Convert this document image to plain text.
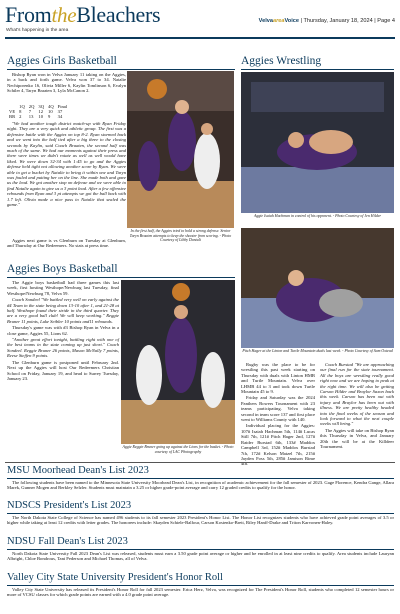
FromtheBleachers
What's happening in the area
VelvaareaVoice | Thursday, January 18, 2024 | Page 4
Aggies Girls Basketball

Bishop Ryan won in Velva January 11 taking on the Aggies, in a back and forth game. Velva won 37 to 34. Natalie Nechiporenko 16, Olivia Miller 6, Kaylin Tomlinson 6, Evalyn Schiler 4, Taryn Braaten 3, Lyla McCanon 2.

	1Q	2Q	3Q	4Q	Final
VE	8	7	12	10	37
BR	2	13	10	9	34

"We had another tough district match-up with Ryan Friday night. They are a very quick and athletic group. The first was a defensive battle with the Aggies on top 8-2. Ryan stormed back and we went into the half tied after a big three to the closing seconds by Kaylin, said Coach Braaten, the second half was much of the same. We had our moments against their press and there were times we didn't rotate as well as well would have liked. We were down 32-34 with 1:45 to go and the Aggies defense held tight not allowing another score by Ryan. We were able to get a bucket by Natalie to bring it within one and Taryn was fouled and putting her on the line. She made both and gave us the lead. We got another stop on defense and we were able to find Natalie again to give us a 3 point lead. After a few offensive rebounds from Ryan and 3 pt attempts we got the ball back with 1.7 left. Olivia made a nice pass to Natalie that sealed the game."

Aggies next game is vs Glenburn on Tuesday at Glenburn, and Thursday at Our Redeemers. No stats at press time.

In the first half, the Aggies tried to hold a strong defense. Senior Taryn Braaten attempts to keep the shooter from scoring. - Photo Courtesy of Libby Dantuli
Aggies Wrestling
Aggie Isaiah Hachman in control of his opponent. - Photo Courtesy of Jen Hilder
Pitch Hager at the Linton and Turtle Mountain duals last week. - Photo Courtesy of Sam Oxtead

Rugby was the place to be for wrestling this past week starting on Thursday with duals with Linton HMB and Turtle Mountain. Velva over LHMB 44 to 3 and took down Turtle Mountain 45 to 9.

Friday and Saturday was the 2024 Panthers Bowers Tournament with 23 teams participating. Velva taking second in team score 137 and first place went to Williams County with 140.

Individual placing for the Aggies: 107# Isaiah Hachman 5th, 114# Lucas Still 7th, 121# Pitch Hager 2nd, 127# Raider Burstad 6th, 133# Maddox Campbell 3rd, 152# Maddox Burstad 7th, 172# Kelson Matzel 7th, 215# Jayden Foss 5th, 285# Jamison Rime 4th.

Coach Burstad "We are approaching our final run for the state tournament. All the boys are wrestling really good right now and we are hoping to peak at the right time. We will also be getting Carson Hilder and Braylor Saxon back this week. Carson has been out with injury and Braylor has been out with illness. We are pretty healthy headed into the final weeks of the season and look forward to what the next couple weeks will bring."

The Aggies will take on Bishop Ryan this Thursday in Velva, and January 20th the will be at the Killdeer Tournament.

Aggies Boys Basketball

The Aggie boys basketball had three games this last week, first hosting Westhope/Newburg last Tuesday, final Westhope/Newburg 78, Velva 59.

Coach Sondeel "We battled very well on early against the #4 Team in the state being down 13-10 after 1, and 21-28 at half. Westhope found their stride in the third quarter. They are a very good ball club! We will keep working." Reggie Bruner 11 points, Luke Seibler 10 points and11 rebounds.

Thursday's game was with #3 Bishop Ryan in Velva in a close game, Aggies 55, Lions 62.

"Another great effort tonight, battling right with one of the best teams in the state coming up just short." Coach Sondeel. Reggie Bruner 26 points, Mason McNally 7 points, Reese Steffen 9 points.

The Glenburn game is postponed until February 2nd. Next up the Aggies will host Our Redeemers Christian School on Friday, January 19, and head to Surrey Tuesday, January 23.

Aggie Reggie Bruner going up against the Lions for the basket. - Photo courtesy of LAC Photography
MSU Moorhead Dean's List 2023

The following students have been named to the Minnesota State University Moorhead Dean's List, in recognition of academic achievement for the fall semester of 2023. Gage Florence, Kendra Gange, Allara Marek, Gunner Mogen and Berkley Selzler. Students must maintain a 3.25 or higher grade-point average and carry 12 graded credits to qualify for the honor.

NDSCS President's List 2023

The North Dakota State College of Science has named 496 students to its fall semester 2023 President's Honor List. The Honor List recognizes students who have achieved grade point averages of 3.5 or higher while taking at least 12 credits with letter grades. The honorees include: Skayden Schiele-Balfour, Carson Kostenko-Brett, Riley Hanff-Drake and Triton Karvonen-Haley.

NDSU Fall Dean's List 2023

North Dakota State University Fall 2023 Dean's List was released, students must earn a 3.50 grade point average or higher and be enrolled in at least nine credits to qualify. Area students include Lauryan Albright, Chloe Bondrous, Tani Pederson and Michael Thomas, all of Velva.

Valley City State University President's Honor Roll

Valley City State University has released its President's Honor Roll for fall 2023 semester. Erica Herz, Velva, was recognized for The President's Honor Roll, students who completed 12 semester hours or more of VCSU classes for which grade points are earned with a 4.0 grade point average.
